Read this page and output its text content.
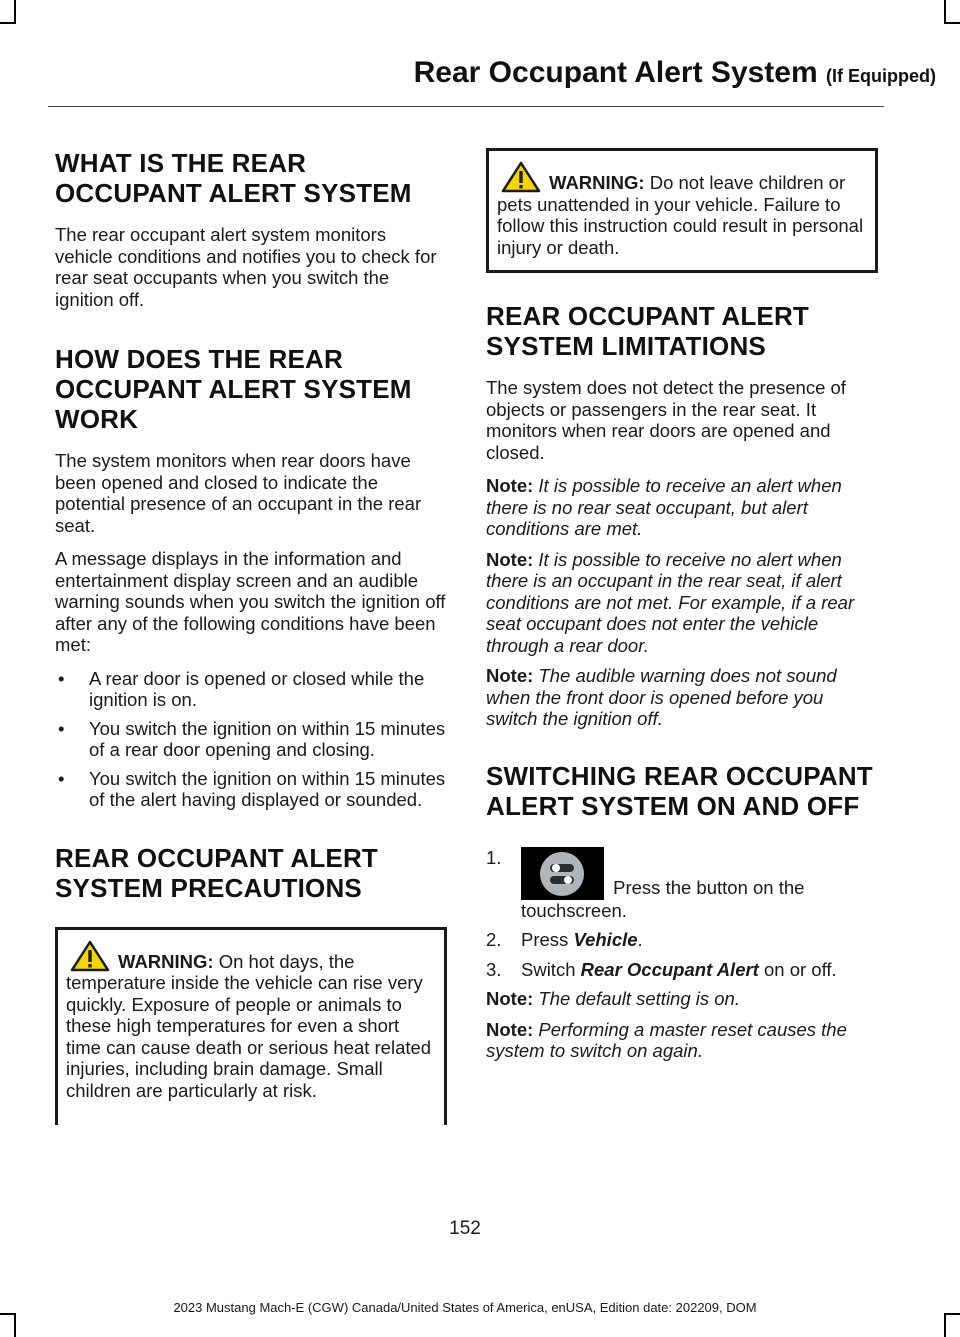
Rear Occupant Alert System (If Equipped)
WHAT IS THE REAR
OCCUPANT ALERT SYSTEM

The rear occupant alert system monitors vehicle conditions and notifies you to check for rear seat occupants when you switch the ignition off.

HOW DOES THE REAR
OCCUPANT ALERT SYSTEM
WORK

The system monitors when rear doors have been opened and closed to indicate the potential presence of an occupant in the rear seat.

A message displays in the information and entertainment display screen and an audible warning sounds when you switch the ignition off after any of the following conditions have been met:

• A rear door is opened or closed while the ignition is on.
• You switch the ignition on within 15 minutes of a rear door opening and closing.
• You switch the ignition on within 15 minutes of the alert having displayed or sounded.
REAR OCCUPANT ALERT
SYSTEM PRECAUTIONS
WARNING: On hot days, the temperature inside the vehicle can rise very quickly. Exposure of people or animals to these high temperatures for even a short time can cause death or serious heat related injuries, including brain damage. Small children are particularly at risk.
WARNING: Do not leave children or pets unattended in your vehicle. Failure to follow this instruction could result in personal injury or death.
REAR OCCUPANT ALERT
SYSTEM LIMITATIONS

The system does not detect the presence of objects or passengers in the rear seat. It monitors when rear doors are opened and closed.

Note: It is possible to receive an alert when there is no rear seat occupant, but alert conditions are met.

Note: It is possible to receive no alert when there is an occupant in the rear seat, if alert conditions are not met. For example, if a rear seat occupant does not enter the vehicle through a rear door.

Note: The audible warning does not sound when the front door is opened before you switch the ignition off.

SWITCHING REAR OCCUPANT
ALERT SYSTEM ON AND OFF
1.
Press the button on the touchscreen.
2. Press Vehicle.
3. Switch Rear Occupant Alert on or off.

Note: The default setting is on.

Note: Performing a master reset causes the system to switch on again.

152
2023 Mustang Mach-E (CGW) Canada/United States of America, enUSA, Edition date: 202209, DOM
